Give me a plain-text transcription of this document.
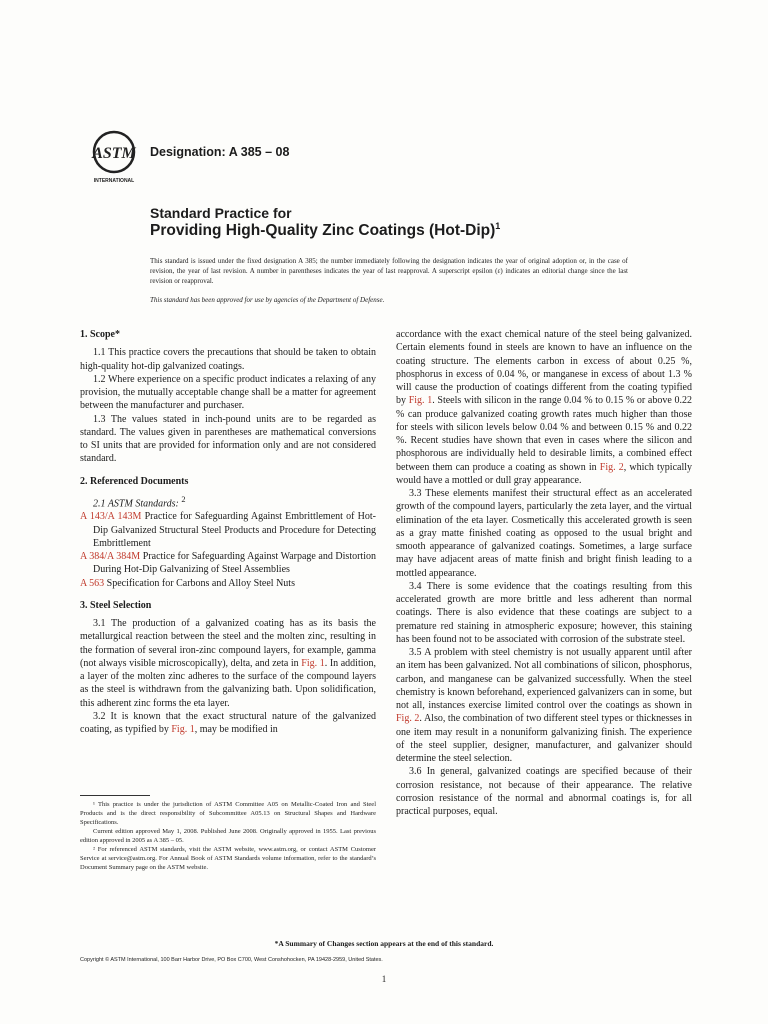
ASTM
INTERNATIONAL
Designation: A 385 – 08
Standard Practice for
Providing High-Quality Zinc Coatings $(Hot-Dip)^1$
This standard is issued under the fixed designation A 385; the number immediately following the designation indicates the year of original adoption or, in the case of revision, the year of last revision. A number in parentheses indicates the year of last reapproval. A superscript epsilon (ε) indicates an editorial change since the last revision or reapproval.
This standard has been approved for use by agencies of the Department of Defense.
1. Scope*

1.1 This practice covers the precautions that should be taken to obtain high-quality hot-dip galvanized coatings.

1.2 Where experience on a specific product indicates a relaxing of any provision, the mutually acceptable change shall be a matter for agreement between the manufacturer and purchaser.

1.3 The values stated in inch-pound units are to be regarded as standard. The values given in parentheses are mathematical conversions to SI units that are provided for information only and are not considered standard.

2. Referenced Documents

2.1 ASTM Standards: $^2$

A 143/A 143M Practice for Safeguarding Against Embrittlement of Hot-Dip Galvanized Structural Steel Products and Procedure for Detecting Embrittlement

A 384/A 384M Practice for Safeguarding Against Warpage and Distortion During Hot-Dip Galvanizing of Steel Assemblies

A 563 Specification for Carbons and Alloy Steel Nuts

3. Steel Selection

3.1 The production of a galvanized coating has as its basis the metallurgical reaction between the steel and the molten zinc, resulting in the formation of several iron-zinc compound layers, for example, gamma (not always visible microscopically), delta, and zeta in Fig. 1. In addition, a layer of the molten zinc adheres to the surface of the compound layers as the steel is withdrawn from the galvanizing bath. Upon solidification, this adherent zinc forms the eta layer.

3.2 It is known that the exact structural nature of the galvanized coating, as typified by Fig. 1, may be modified in

¹ This practice is under the jurisdiction of ASTM Committee A05 on Metallic-Coated Iron and Steel Products and is the direct responsibility of Subcommittee A05.13 on Structural Shapes and Hardware Specifications.

Current edition approved May 1, 2008. Published June 2008. Originally approved in 1955. Last previous edition approved in 2005 as A 385 – 05.

² For referenced ASTM standards, visit the ASTM website, www.astm.org, or contact ASTM Customer Service at service@astm.org. For Annual Book of ASTM Standards volume information, refer to the standard’s Document Summary page on the ASTM website.

accordance with the exact chemical nature of the steel being galvanized. Certain elements found in steels are known to have an influence on the coating structure. The elements carbon in excess of about 0.25 %, phosphorus in excess of 0.04 %, or manganese in excess of about 1.3 % will cause the production of coatings different from the coating typified by Fig. 1. Steels with silicon in the range 0.04 % to 0.15 % or above 0.22 % can produce galvanized coating growth rates much higher than those for steels with silicon levels below 0.04 % and between 0.15 % and 0.22 %. Recent studies have shown that even in cases where the silicon and phosphorous are individually held to desirable limits, a combined effect between them can produce a coating as shown in Fig. 2, which typically would have a mottled or dull gray appearance.

3.3 These elements manifest their structural effect as an accelerated growth of the compound layers, particularly the zeta layer, and the virtual elimination of the eta layer. Cosmetically this accelerated growth is seen as a gray matte finished coating as opposed to the usual bright and smooth appearance of galvanized coatings. Sometimes, a large surface may have adjacent areas of matte finish and bright finish leading to a mottled appearance.

3.4 There is some evidence that the coatings resulting from this accelerated growth are more brittle and less adherent than normal coatings. There is also evidence that these coatings are subject to a premature red staining in atmospheric exposure; however, this staining has been found not to be associated with corrosion of the substrate steel.

3.5 A problem with steel chemistry is not usually apparent until after an item has been galvanized. Not all combinations of silicon, phosphorus, carbon, and manganese can be galvanized successfully. When the steel chemistry is known beforehand, experienced galvanizers can in some, but not all, instances exercise limited control over the coatings as shown in Fig. 2. Also, the combination of two different steel types or thicknesses in one item may result in a nonuniform galvanizing finish. The experience of the steel supplier, designer, manufacturer, and galvanizer should determine the steel selection.

3.6 In general, galvanized coatings are specified because of their corrosion resistance, not because of their appearance. The relative corrosion resistance of the normal and abnormal coatings is, for all practical purposes, equal.

*A Summary of Changes section appears at the end of this standard.
Copyright © ASTM International, 100 Barr Harbor Drive, PO Box C700, West Conshohocken, PA 19428-2959, United States.
1
